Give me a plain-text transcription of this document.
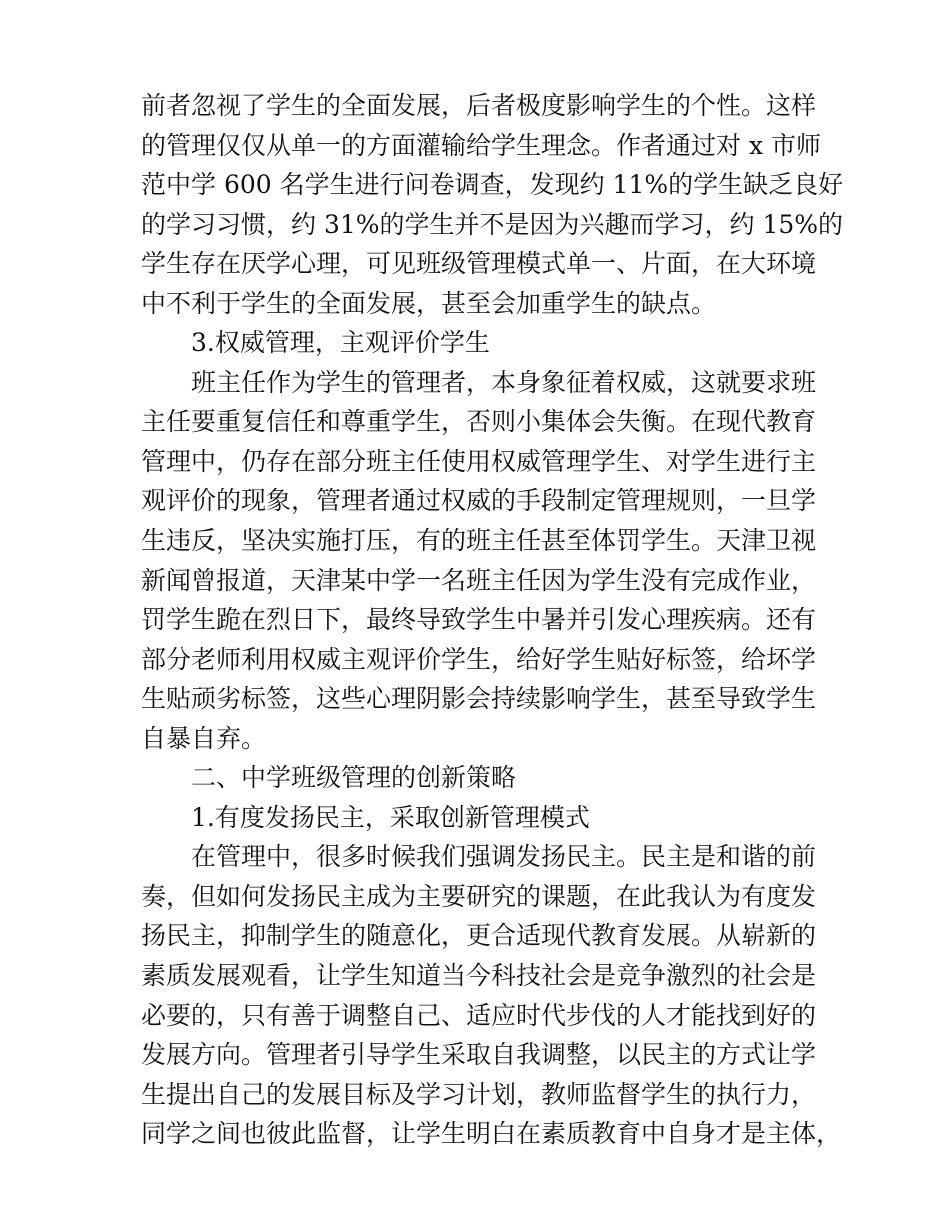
前者忽视了学生的全面发展，后者极度影响学生的个性。这样
的管理仅仅从单一的方面灌输给学生理念。作者通过对 x 市师
范中学 600 名学生进行问卷调查，发现约 11%的学生缺乏良好
的学习习惯，约 31%的学生并不是因为兴趣而学习，约 15%的
学生存在厌学心理，可见班级管理模式单一、片面，在大环境
中不利于学生的全面发展，甚至会加重学生的缺点。
3.权威管理，主观评价学生
班主任作为学生的管理者，本身象征着权威，这就要求班
主任要重复信任和尊重学生，否则小集体会失衡。在现代教育
管理中，仍存在部分班主任使用权威管理学生、对学生进行主
观评价的现象，管理者通过权威的手段制定管理规则，一旦学
生违反，坚决实施打压，有的班主任甚至体罚学生。天津卫视
新闻曾报道，天津某中学一名班主任因为学生没有完成作业，
罚学生跪在烈日下，最终导致学生中暑并引发心理疾病。还有
部分老师利用权威主观评价学生，给好学生贴好标签，给坏学
生贴顽劣标签，这些心理阴影会持续影响学生，甚至导致学生
自暴自弃。
二、中学班级管理的创新策略
1.有度发扬民主，采取创新管理模式
在管理中，很多时候我们强调发扬民主。民主是和谐的前
奏，但如何发扬民主成为主要研究的课题，在此我认为有度发
扬民主，抑制学生的随意化，更合适现代教育发展。从崭新的
素质发展观看，让学生知道当今科技社会是竞争激烈的社会是
必要的，只有善于调整自己、适应时代步伐的人才能找到好的
发展方向。管理者引导学生采取自我调整，以民主的方式让学
生提出自己的发展目标及学习计划，教师监督学生的执行力，
同学之间也彼此监督，让学生明白在素质教育中自身才是主体，
